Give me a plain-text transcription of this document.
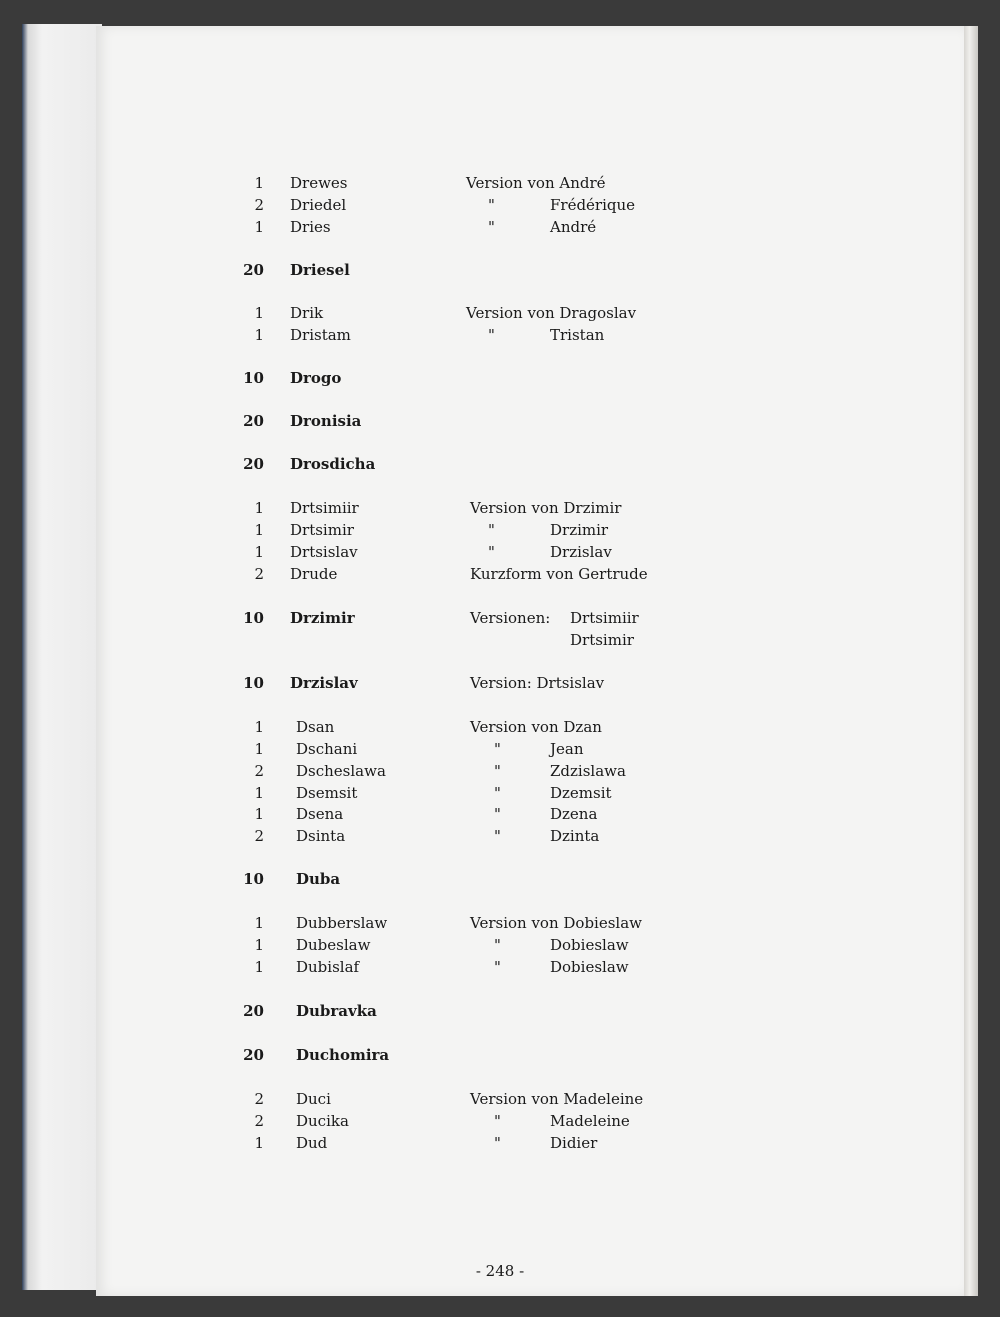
1 Drewes	Version von André
2 Driedel	"	Frédérique
1 Dries	"	André
20 Driesel
1 Drik	Version von Dragoslav
1 Dristam	"	Tristan
10 Drogo
20 Dronisia
20 Drosdicha
1 Drtsimiir	Version von Drzimir
1 Drtsimir	"	Drzimir
1 Drtsislav	"	Drzislav
2 Drude	Kurzform von Gertrude
10 Drzimir	Versionen: Drtsimiir
Drtsimir
10 Drzislav	Version: Drtsislav
1 Dsan	Version von Dzan
1 Dschani	"	Jean
2 Dscheslawa	"	Zdzislawa
1 Dsemsit	"	Dzemsit
1 Dsena	"	Dzena
2 Dsinta	"	Dzinta
10 Duba
1 Dubberslaw	Version von Dobieslaw
1 Dubeslaw	"	Dobieslaw
1 Dubislaf	"	Dobieslaw
20 Dubravka
20 Duchomira
2 Duci	Version von Madeleine
2 Ducika	"	Madeleine
1 Dud	"	Didier
- 248 -
